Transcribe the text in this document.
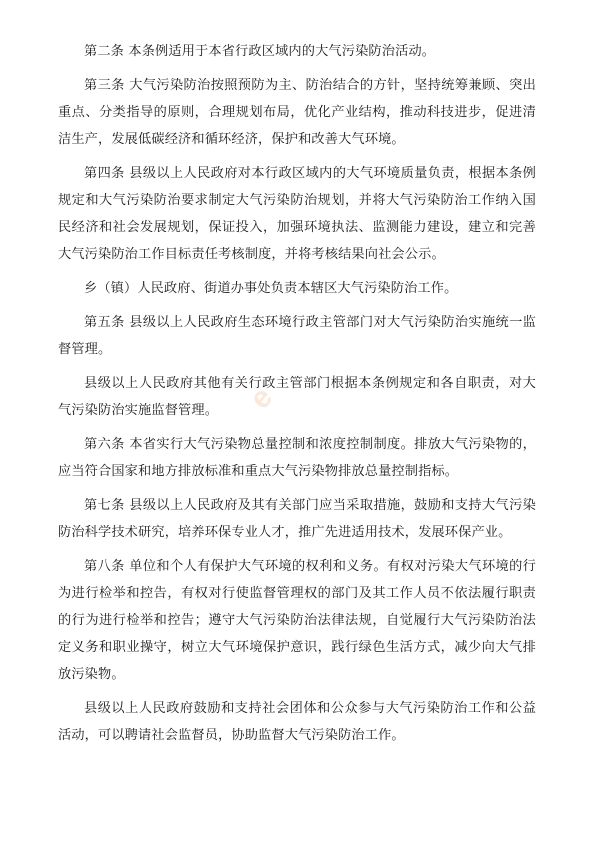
e

第二条 本条例适用于本省行政区域内的大气污染防治活动。

第三条 大气污染防治按照预防为主、防治结合的方针，坚持统筹兼顾、突出重点、分类指导的原则，合理规划布局，优化产业结构，推动科技进步，促进清洁生产，发展低碳经济和循环经济，保护和改善大气环境。

第四条 县级以上人民政府对本行政区域内的大气环境质量负责，根据本条例规定和大气污染防治要求制定大气污染防治规划，并将大气污染防治工作纳入国民经济和社会发展规划，保证投入，加强环境执法、监测能力建设，建立和完善大气污染防治工作目标责任考核制度，并将考核结果向社会公示。

乡（镇）人民政府、街道办事处负责本辖区大气污染防治工作。

第五条 县级以上人民政府生态环境行政主管部门对大气污染防治实施统一监督管理。

县级以上人民政府其他有关行政主管部门根据本条例规定和各自职责，对大气污染防治实施监督管理。

第六条 本省实行大气污染物总量控制和浓度控制制度。排放大气污染物的，应当符合国家和地方排放标准和重点大气污染物排放总量控制指标。

第七条 县级以上人民政府及其有关部门应当采取措施，鼓励和支持大气污染防治科学技术研究，培养环保专业人才，推广先进适用技术，发展环保产业。

第八条 单位和个人有保护大气环境的权利和义务。有权对污染大气环境的行为进行检举和控告，有权对行使监督管理权的部门及其工作人员不依法履行职责的行为进行检举和控告；遵守大气污染防治法律法规，自觉履行大气污染防治法定义务和职业操守，树立大气环境保护意识，践行绿色生活方式，减少向大气排放污染物。

县级以上人民政府鼓励和支持社会团体和公众参与大气污染防治工作和公益活动，可以聘请社会监督员，协助监督大气污染防治工作。
